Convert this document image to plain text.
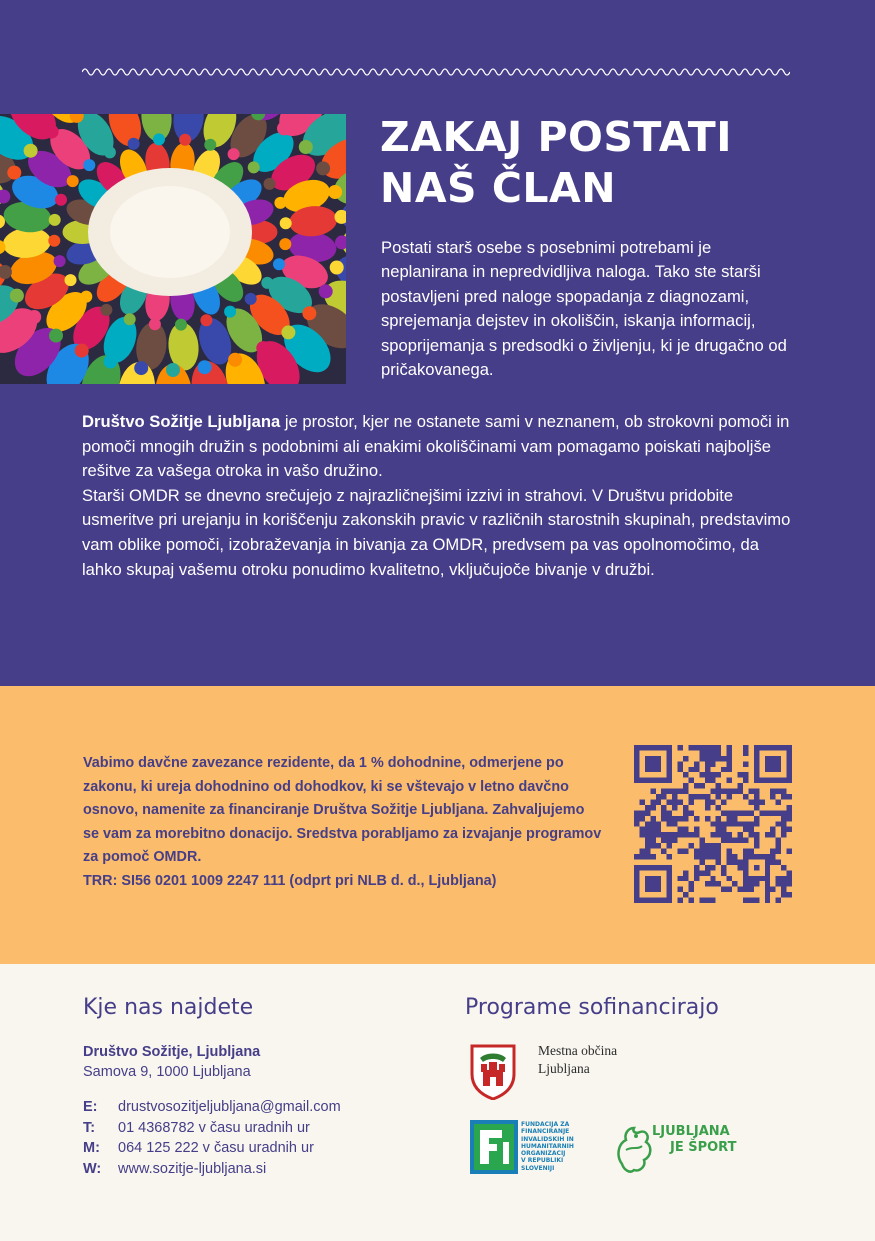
ZAKAJ POSTATI
NAŠ ČLAN
Postati starš osebe s posebnimi potrebami je neplanirana in nepredvidljiva naloga. Tako ste starši postavljeni pred naloge spopadanja z diagnozami, sprejemanja dejstev in okoliščin, iskanja informacij, spoprijemanja s predsodki o življenju, ki je drugačno od pričakovanega.

Društvo Sožitje Ljubljana je prostor, kjer ne ostanete sami v neznanem, ob strokovni pomoči in pomoči mnogih družin s podobnimi ali enakimi okoliščinami vam pomagamo poiskati najboljše rešitve za vašega otroka in vašo družino.

Starši OMDR se dnevno srečujejo z najrazličnejšimi izzivi in strahovi. V Društvu pridobite usmeritve pri urejanju in koriščenju zakonskih pravic v različnih starostnih skupinah, predstavimo vam oblike pomoči, izobraževanja in bivanja za OMDR, predvsem pa vas opolnomočimo, da lahko skupaj vašemu otroku ponudimo kvalitetno, vključujoče bivanje v družbi.

Vabimo davčne zavezance rezidente, da 1 % dohodnine, odmerjene po zakonu, ki ureja dohodnino od dohodkov, ki se vštevajo v letno davčno osnovo, namenite za financiranje Društva Sožitje Ljubljana. Zahvaljujemo se vam za morebitno donacijo. Sredstva porabljamo za izvajanje programov za pomoč OMDR.

TRR: SI56 0201 1009 2247 111 (odprt pri NLB d. d., Ljubljana)

Kje nas najdete
Društvo Sožitje, Ljubljana
Samova 9, 1000 Ljubljana
E:	drustvosozitjeljubljana@gmail.com
T:	01 4368782 v času uradnih ur
M:	064 125 222 v času uradnih ur
W:	www.sozitje-ljubljana.si
Programe sofinancirajo
Mestna občina
Ljubljana
FUNDACIJA ZA
FINANCIRANJE
INVALIDSKIH IN
HUMANITARNIH
ORGANIZACIJ
V REPUBLIKI
SLOVENIJI
LJUBLJANA
JE ŠPORT
